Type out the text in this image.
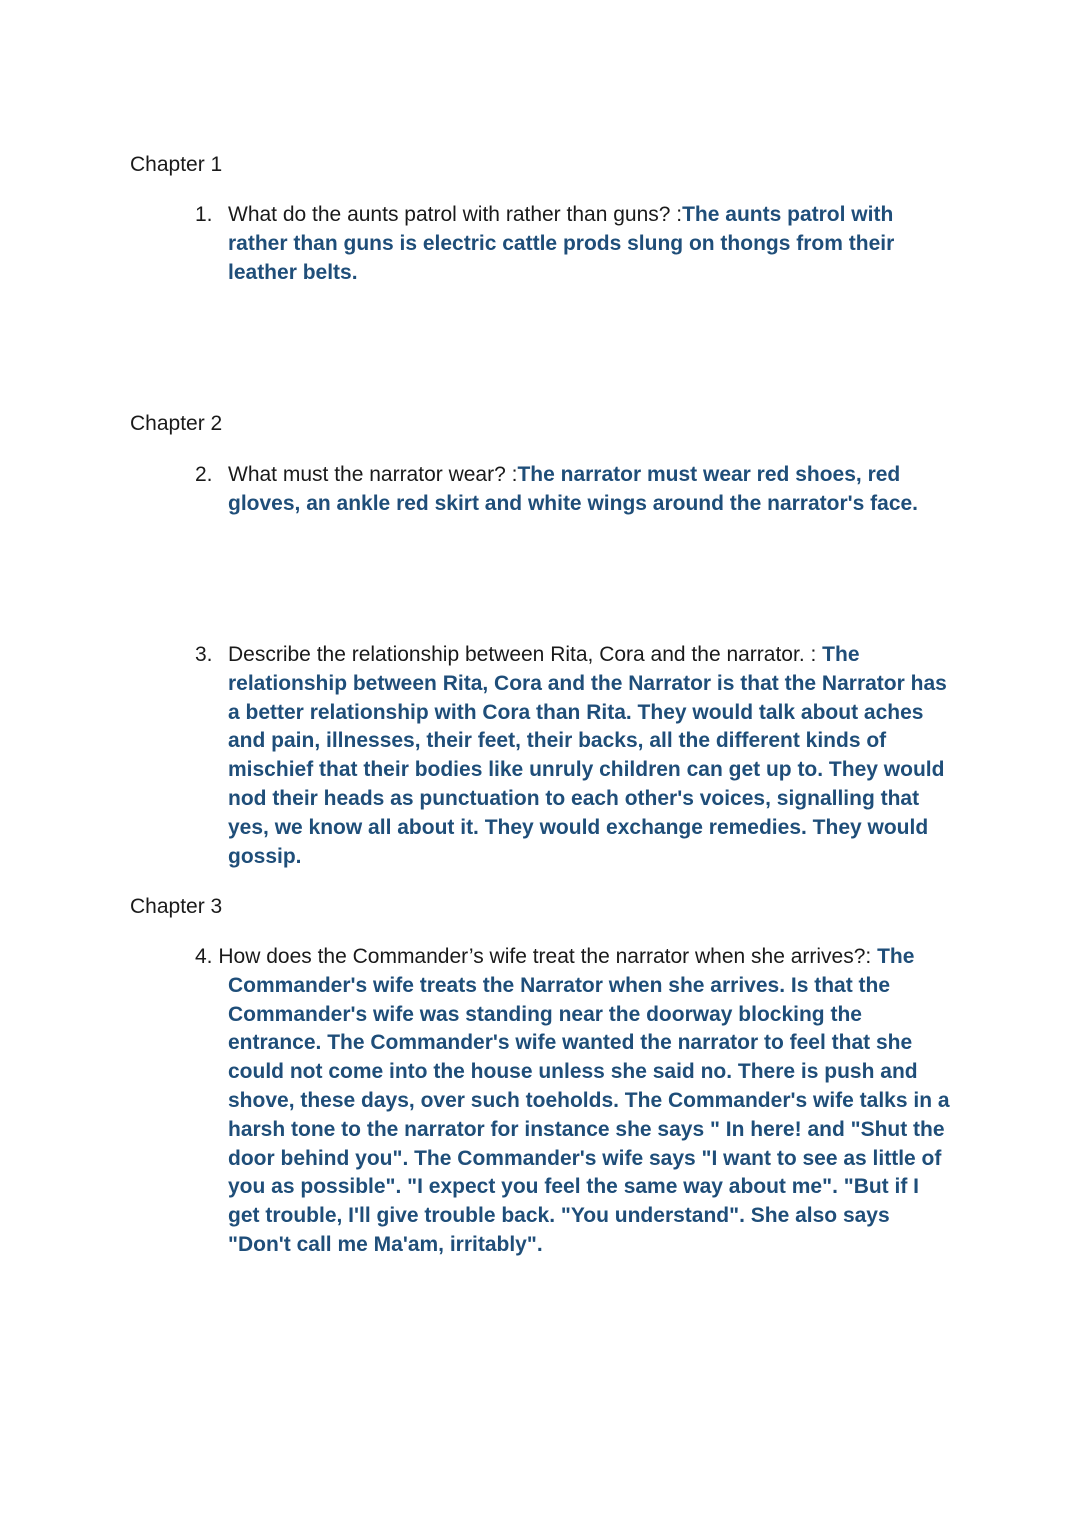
Chapter 1
1. What do the aunts patrol with rather than guns? :The aunts patrol with rather than guns is electric cattle prods slung on thongs from their leather belts.
Chapter 2
2. What must the narrator wear? :The narrator must wear red shoes, red gloves, an ankle red skirt and white wings around the narrator's face.
3. Describe the relationship between Rita, Cora and the narrator. : The relationship between Rita, Cora and the Narrator is that the Narrator has a better relationship with Cora than Rita. They would talk about aches and pain, illnesses, their feet, their backs, all the different kinds of mischief that their bodies like unruly children can get up to. They would nod their heads as punctuation to each other's voices, signalling that yes, we know all about it. They would exchange remedies. They would gossip.
Chapter 3
4. How does the Commander’s wife treat the narrator when she arrives?: The Commander's wife treats the Narrator when she arrives. Is that the Commander's wife was standing near the doorway blocking the entrance. The Commander's wife wanted the narrator to feel that she could not come into the house unless she said no. There is push and shove, these days, over such toeholds. The Commander's wife talks in a harsh tone to the narrator for instance she says " In here! and "Shut the door behind you". The Commander's wife says "I want to see as little of you as possible". "I expect you feel the same way about me". "But if I get trouble, I'll give trouble back. "You understand". She also says "Don't call me Ma'am, irritably".
